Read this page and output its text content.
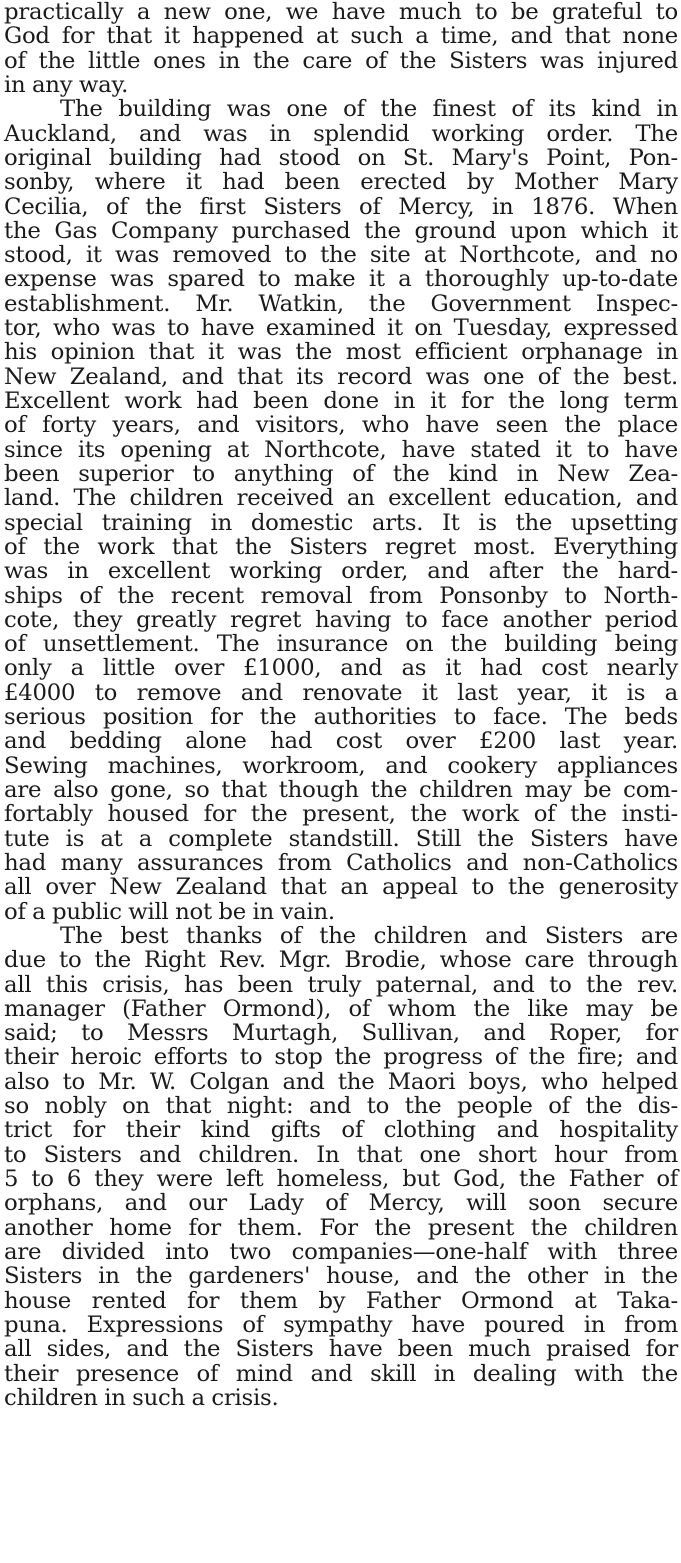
practically a new one, we have much to be grateful to
God for that it happened at such a time, and that none
of the little ones in the care of the Sisters was injured
in any way.
The building was one of the finest of its kind in
Auckland, and was in splendid working order. The
original building had stood on St. Mary's Point, Pon-
sonby, where it had been erected by Mother Mary
Cecilia, of the first Sisters of Mercy, in 1876. When
the Gas Company purchased the ground upon which it
stood, it was removed to the site at Northcote, and no
expense was spared to make it a thoroughly up-to-date
establishment. Mr. Watkin, the Government Inspec-
tor, who was to have examined it on Tuesday, expressed
his opinion that it was the most efficient orphanage in
New Zealand, and that its record was one of the best.
Excellent work had been done in it for the long term
of forty years, and visitors, who have seen the place
since its opening at Northcote, have stated it to have
been superior to anything of the kind in New Zea-
land. The children received an excellent education, and
special training in domestic arts. It is the upsetting
of the work that the Sisters regret most. Everything
was in excellent working order, and after the hard-
ships of the recent removal from Ponsonby to North-
cote, they greatly regret having to face another period
of unsettlement. The insurance on the building being
only a little over £1000, and as it had cost nearly
£4000 to remove and renovate it last year, it is a
serious position for the authorities to face. The beds
and bedding alone had cost over £200 last year.
Sewing machines, workroom, and cookery appliances
are also gone, so that though the children may be com-
fortably housed for the present, the work of the insti-
tute is at a complete standstill. Still the Sisters have
had many assurances from Catholics and non-Catholics
all over New Zealand that an appeal to the generosity
of a public will not be in vain.
The best thanks of the children and Sisters are
due to the Right Rev. Mgr. Brodie, whose care through
all this crisis, has been truly paternal, and to the rev.
manager (Father Ormond), of whom the like may be
said; to Messrs Murtagh, Sullivan, and Roper, for
their heroic efforts to stop the progress of the fire; and
also to Mr. W. Colgan and the Maori boys, who helped
so nobly on that night: and to the people of the dis-
trict for their kind gifts of clothing and hospitality
to Sisters and children. In that one short hour from
5 to 6 they were left homeless, but God, the Father of
orphans, and our Lady of Mercy, will soon secure
another home for them. For the present the children
are divided into two companies—one-half with three
Sisters in the gardeners' house, and the other in the
house rented for them by Father Ormond at Taka-
puna. Expressions of sympathy have poured in from
all sides, and the Sisters have been much praised for
their presence of mind and skill in dealing with the
children in such a crisis.
